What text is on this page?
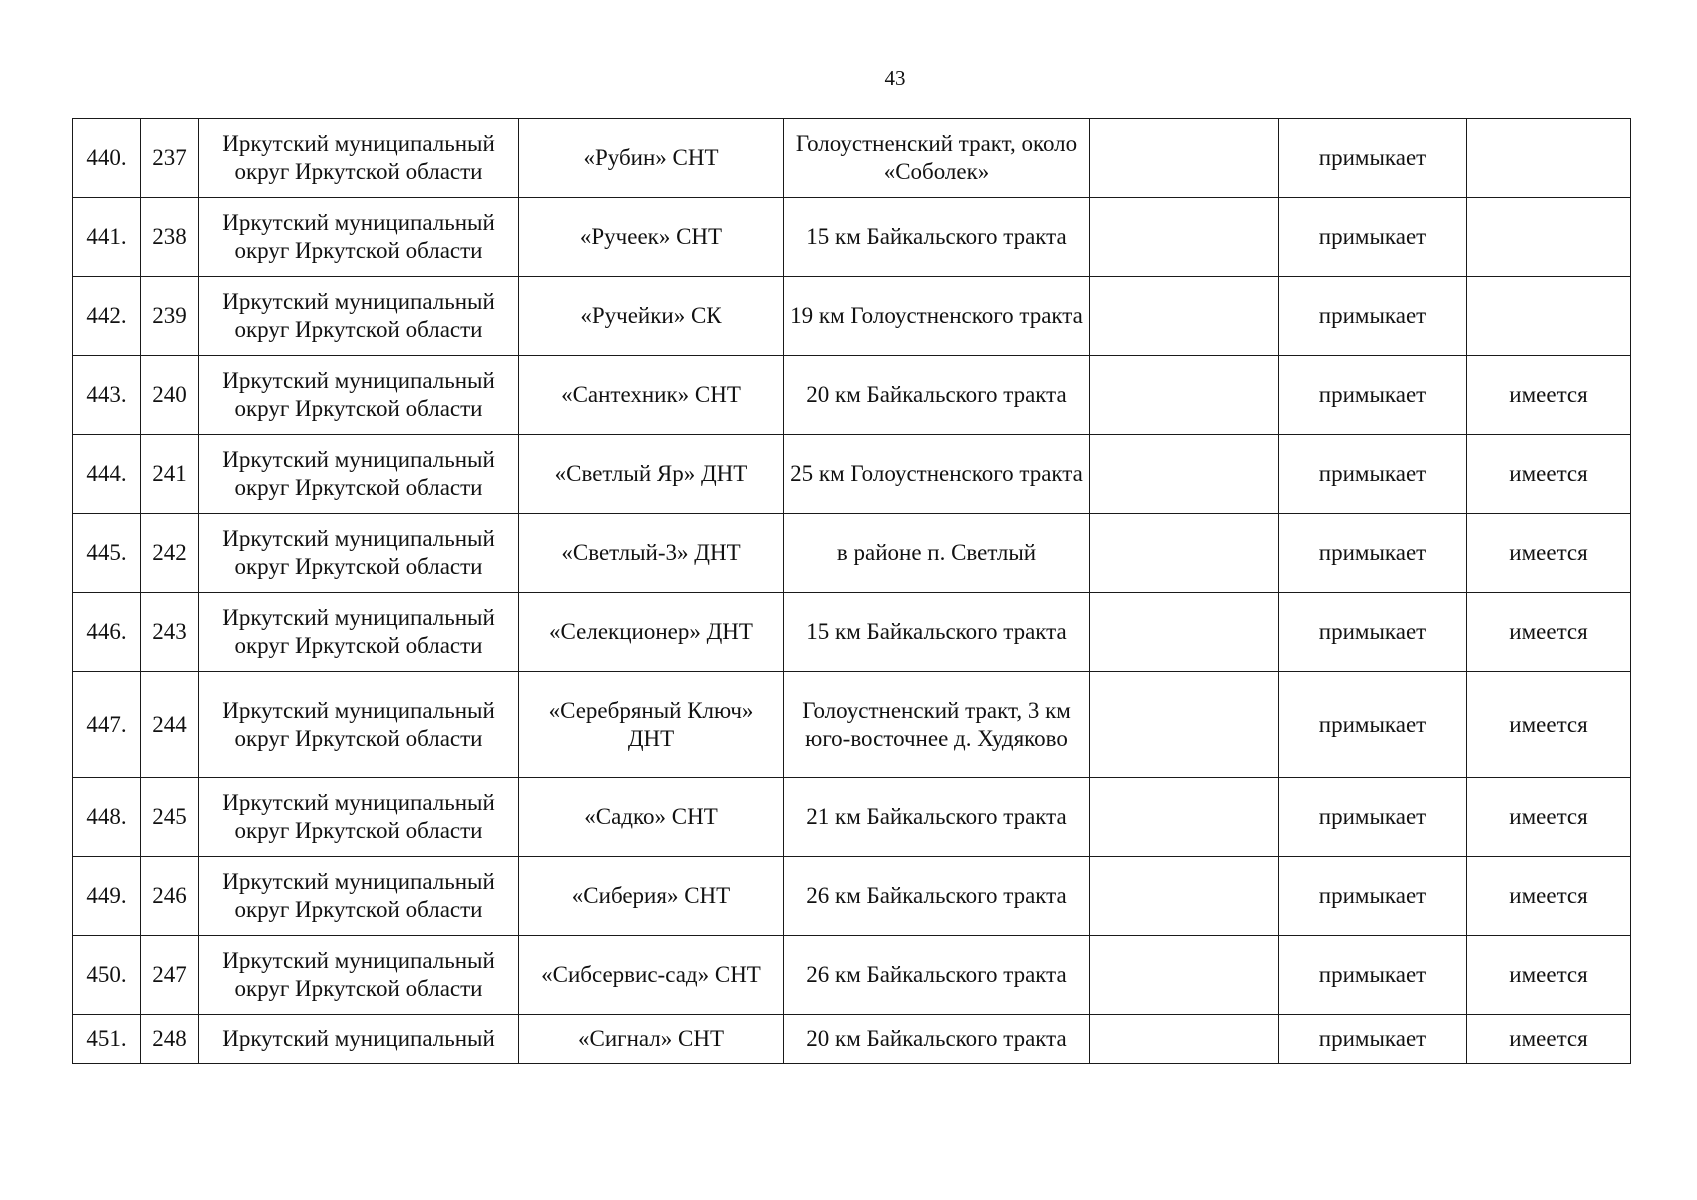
43
440.	237	Иркутский муниципальный округ Иркутской области	«Рубин» СНТ	Голоустненский тракт, около «Соболек»		примыкает	
441.	238	Иркутский муниципальный округ Иркутской области	«Ручеек» СНТ	15 км Байкальского тракта		примыкает	
442.	239	Иркутский муниципальный округ Иркутской области	«Ручейки» СК	19 км Голоустненского тракта		примыкает	
443.	240	Иркутский муниципальный округ Иркутской области	«Сантехник» СНТ	20 км Байкальского тракта		примыкает	имеется
444.	241	Иркутский муниципальный округ Иркутской области	«Светлый Яр» ДНТ	25 км Голоустненского тракта		примыкает	имеется
445.	242	Иркутский муниципальный округ Иркутской области	«Светлый-3» ДНТ	в районе п. Светлый		примыкает	имеется
446.	243	Иркутский муниципальный округ Иркутской области	«Селекционер» ДНТ	15 км Байкальского тракта		примыкает	имеется
447.	244	Иркутский муниципальный округ Иркутской области	«Серебряный Ключ» ДНТ	Голоустненский тракт, 3 км юго-восточнее д. Худяково		примыкает	имеется
448.	245	Иркутский муниципальный округ Иркутской области	«Садко» СНТ	21 км Байкальского тракта		примыкает	имеется
449.	246	Иркутский муниципальный округ Иркутской области	«Сиберия» СНТ	26 км Байкальского тракта		примыкает	имеется
450.	247	Иркутский муниципальный округ Иркутской области	«Сибсервис-сад» СНТ	26 км Байкальского тракта		примыкает	имеется
451.	248	Иркутский муниципальный	«Сигнал» СНТ	20 км Байкальского тракта		примыкает	имеется
